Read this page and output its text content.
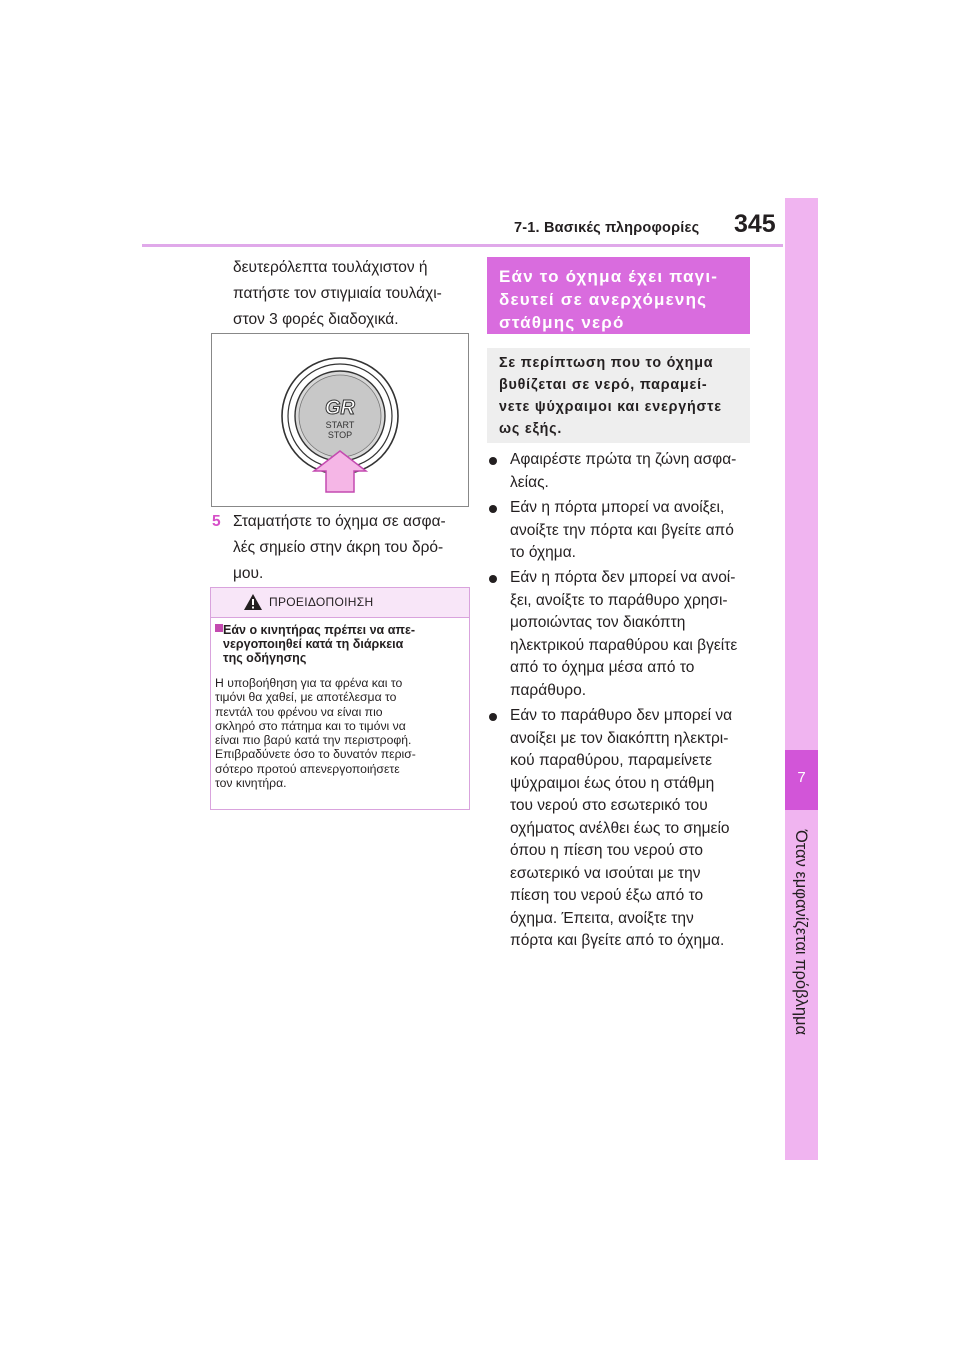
7-1. Βασικές πληροφορίες 345
7
Όταν εμφανίζεται πρόβλημα
δευτερόλεπτα τουλάχιστον ή
πατήστε τον στιγμιαία τουλάχι-
στον 3 φορές διαδοχικά.
GR
START
STOP
5 Σταματήστε το όχημα σε ασφα-
λές σημείο στην άκρη του δρό-
μου.
ΠΡΟΕΙΔΟΠΟΙΗΣΗ
Εάν ο κινητήρας πρέπει να απε-
νεργοποιηθεί κατά τη διάρκεια
της οδήγησης
Η υποβοήθηση για τα φρένα και το
τιμόνι θα χαθεί, με αποτέλεσμα το
πεντάλ του φρένου να είναι πιο
σκληρό στο πάτημα και το τιμόνι να
είναι πιο βαρύ κατά την περιστροφή.
Επιβραδύνετε όσο το δυνατόν περισ-
σότερο προτού απενεργοποιήσετε
τον κινητήρα.
Εάν το όχημα έχει παγι-
δευτεί σε ανερχόμενης
στάθμης νερό
Σε περίπτωση που το όχημα
βυθίζεται σε νερό, παραμεί-
νετε ψύχραιμοι και ενεργήστε
ως εξής.
Αφαιρέστε πρώτα τη ζώνη ασφα-
λείας.
Εάν η πόρτα μπορεί να ανοίξει,
ανοίξτε την πόρτα και βγείτε από
το όχημα.
Εάν η πόρτα δεν μπορεί να ανοί-
ξει, ανοίξτε το παράθυρο χρησι-
μοποιώντας τον διακόπτη
ηλεκτρικού παραθύρου και βγείτε
από το όχημα μέσα από το
παράθυρο.
Εάν το παράθυρο δεν μπορεί να
ανοίξει με τον διακόπτη ηλεκτρι-
κού παραθύρου, παραμείνετε
ψύχραιμοι έως ότου η στάθμη
του νερού στο εσωτερικό του
οχήματος ανέλθει έως το σημείο
όπου η πίεση του νερού στο
εσωτερικό να ισούται με την
πίεση του νερού έξω από το
όχημα. Έπειτα, ανοίξτε την
πόρτα και βγείτε από το όχημα.
